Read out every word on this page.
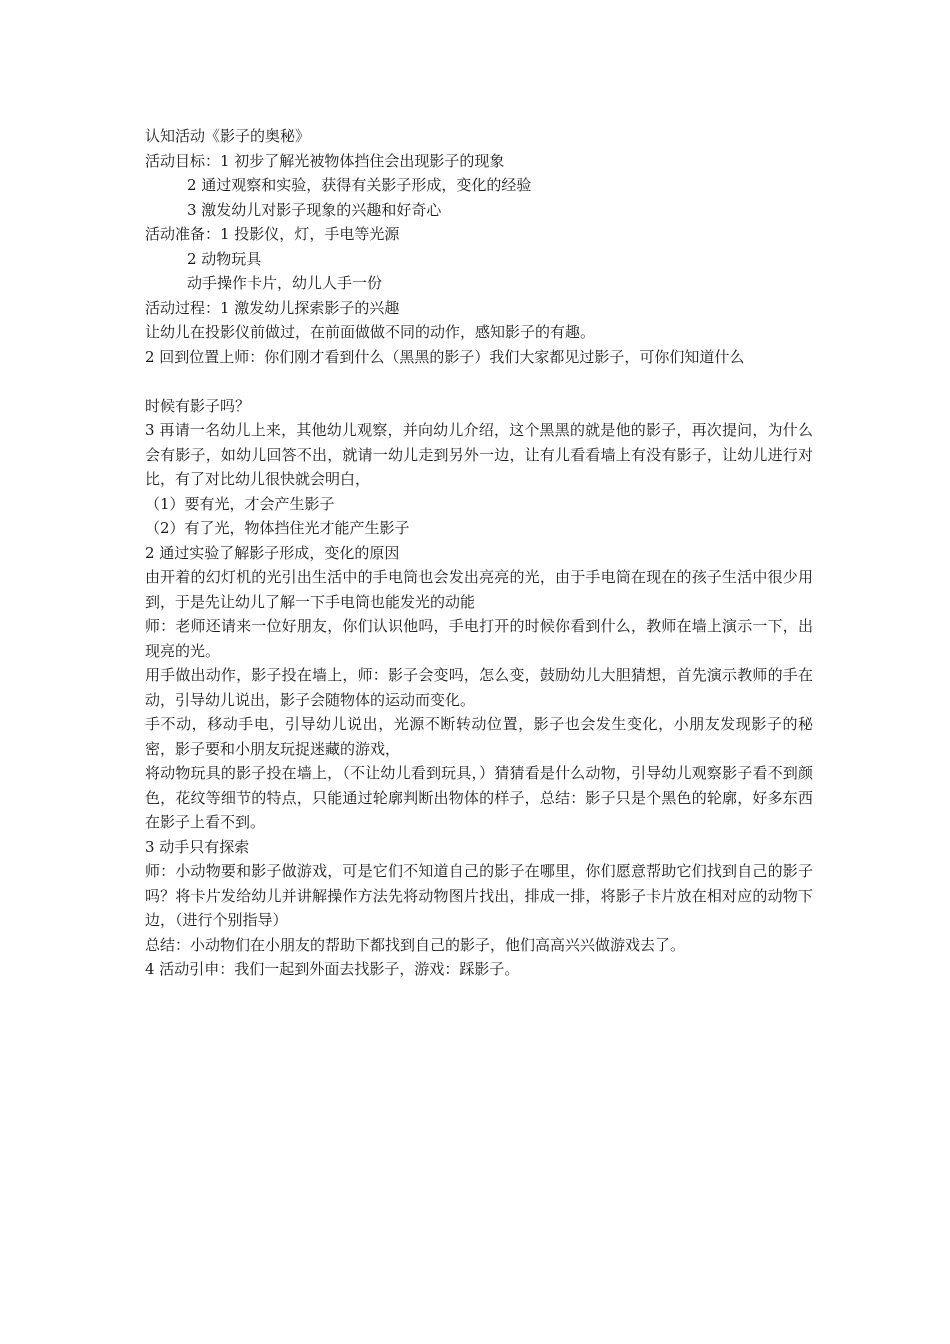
认知活动《影子的奥秘》
活动目标：1 初步了解光被物体挡住会出现影子的现象
2 通过观察和实验，获得有关影子形成，变化的经验
3 激发幼儿对影子现象的兴趣和好奇心
活动准备：1 投影仪，灯，手电等光源
2 动物玩具
动手操作卡片，幼儿人手一份
活动过程：1 激发幼儿探索影子的兴趣
让幼儿在投影仪前做过，在前面做做不同的动作，感知影子的有趣。
2 回到位置上师：你们刚才看到什么（黑黑的影子）我们大家都见过影子，可你们知道什么
时候有影子吗？
3 再请一名幼儿上来，其他幼儿观察，并向幼儿介绍，这个黑黑的就是他的影子，再次提问，为什么会有影子，如幼儿回答不出，就请一幼儿走到另外一边，让有儿看看墙上有没有影子，让幼儿进行对比，有了对比幼儿很快就会明白，
（1）要有光，才会产生影子
（2）有了光，物体挡住光才能产生影子
2 通过实验了解影子形成，变化的原因
由开着的幻灯机的光引出生活中的手电筒也会发出亮亮的光，由于手电筒在现在的孩子生活中很少用到，于是先让幼儿了解一下手电筒也能发光的动能
师：老师还请来一位好朋友，你们认识他吗，手电打开的时候你看到什么，教师在墙上演示一下，出现亮的光。
用手做出动作，影子投在墙上，师：影子会变吗，怎么变，鼓励幼儿大胆猜想，首先演示教师的手在动，引导幼儿说出，影子会随物体的运动而变化。
手不动，移动手电，引导幼儿说出，光源不断转动位置，影子也会发生变化，小朋友发现影子的秘密，影子要和小朋友玩捉迷藏的游戏，
将动物玩具的影子投在墙上，（不让幼儿看到玩具，）猜猜看是什么动物，引导幼儿观察影子看不到颜色，花纹等细节的特点，只能通过轮廓判断出物体的样子，总结：影子只是个黑色的轮廓，好多东西在影子上看不到。
3 动手只有探索
师：小动物要和影子做游戏，可是它们不知道自己的影子在哪里，你们愿意帮助它们找到自己的影子吗？将卡片发给幼儿并讲解操作方法先将动物图片找出，排成一排，将影子卡片放在相对应的动物下边，（进行个别指导）
总结：小动物们在小朋友的帮助下都找到自己的影子，他们高高兴兴做游戏去了。
4 活动引申：我们一起到外面去找影子，游戏：踩影子。
